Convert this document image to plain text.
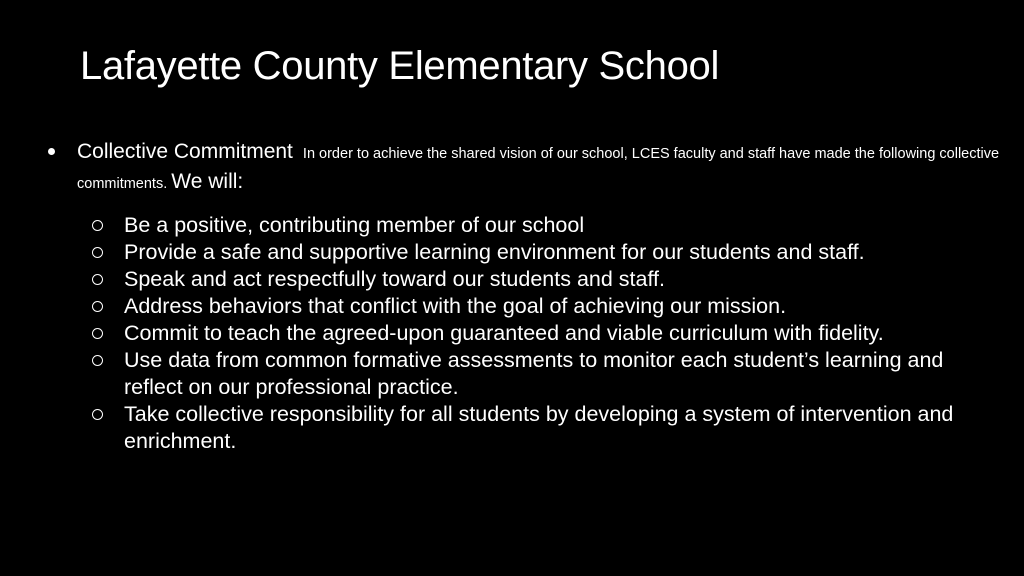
Lafayette County Elementary School
Collective Commitment In order to achieve the shared vision of our school, LCES faculty and staff have made the following collective commitments. We will:
Be a positive, contributing member of our school
Provide a safe and supportive learning environment for our students and staff.
Speak and act respectfully toward our students and staff.
Address behaviors that conflict with the goal of achieving our mission.
Commit to teach the agreed-upon guaranteed and viable curriculum with fidelity.
Use data from common formative assessments to monitor each student’s learning and reflect on our professional practice.
Take collective responsibility for all students by developing a system of intervention and enrichment.
